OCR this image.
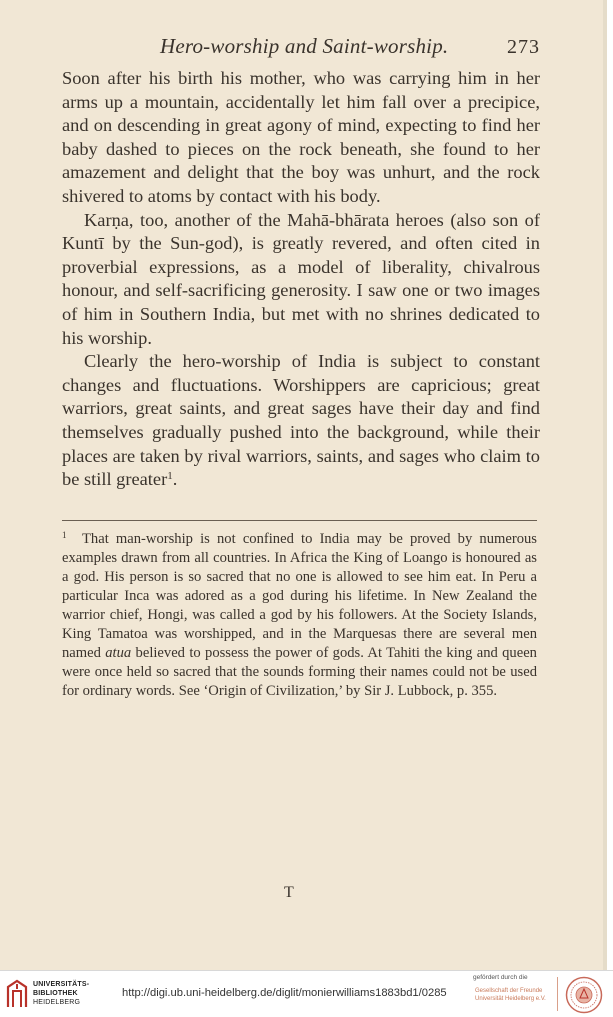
Hero-worship and Saint-worship.	273

Soon after his birth his mother, who was carrying him in her arms up a mountain, accidentally let him fall over a precipice, and on descending in great agony of mind, expecting to find her baby dashed to pieces on the rock beneath, she found to her amazement and delight that the boy was unhurt, and the rock shivered to atoms by contact with his body.

Karṇa, too, another of the Mahā-bhārata heroes (also son of Kuntī by the Sun-god), is greatly revered, and often cited in proverbial expressions, as a model of liberality, chivalrous honour, and self-sacrificing generosity. I saw one or two images of him in Southern India, but met with no shrines dedicated to his worship.

Clearly the hero-worship of India is subject to constant changes and fluctuations. Worshippers are capricious; great warriors, great saints, and great sages have their day and find themselves gradually pushed into the background, while their places are taken by rival warriors, saints, and sages who claim to be still greater$^1$.

$^1$ That man-worship is not confined to India may be proved by numerous examples drawn from all countries. In Africa the King of Loango is honoured as a god. His person is so sacred that no one is allowed to see him eat. In Peru a particular Inca was adored as a god during his lifetime. In New Zealand the warrior chief, Hongi, was called a god by his followers. At the Society Islands, King Tamatoa was worshipped, and in the Marquesas there are several men named atua believed to possess the power of gods. At Tahiti the king and queen were once held so sacred that the sounds forming their names could not be used for ordinary words. See ‘Origin of Civilization,’ by Sir J. Lubbock, p. 355.
T
UNIVERSITÄTS-
BIBLIOTHEK
HEIDELBERG
http://digi.ub.uni-heidelberg.de/diglit/monierwilliams1883bd1/0285
gefördert durch die
Gesellschaft der Freunde
Universität Heidelberg e.V.
